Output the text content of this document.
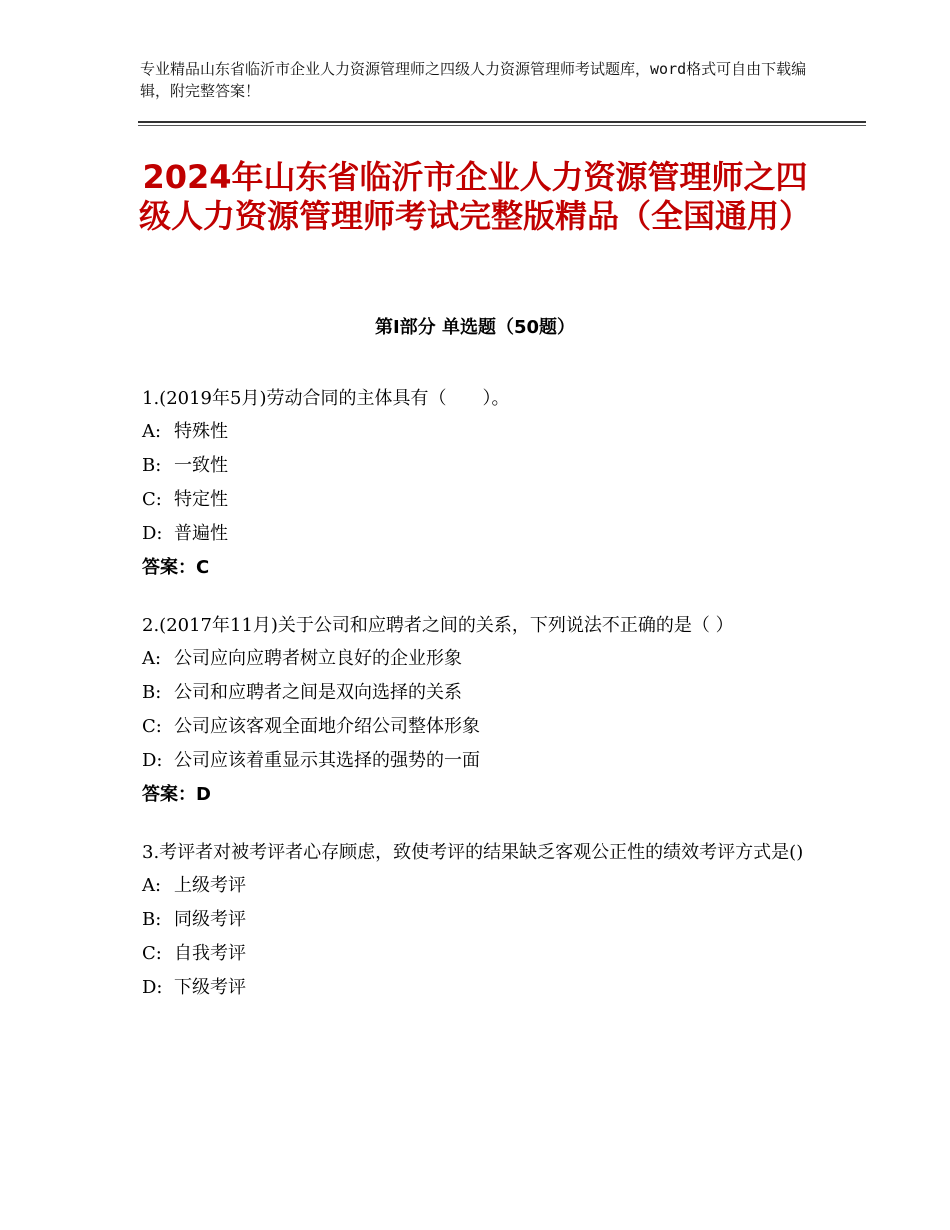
专业精品山东省临沂市企业人力资源管理师之四级人力资源管理师考试题库，word格式可自由下载编辑，附完整答案！
2024年山东省临沂市企业人力资源管理师之四级人力资源管理师考试完整版精品（全国通用）
第Ⅰ部分 单选题（50题）

1.(2019年5月)劳动合同的主体具有（　　）。

A: 特殊性
B: 一致性
C: 特定性
D: 普遍性
答案：C

2.(2017年11月)关于公司和应聘者之间的关系，下列说法不正确的是（ ）

A: 公司应向应聘者树立良好的企业形象
B: 公司和应聘者之间是双向选择的关系
C: 公司应该客观全面地介绍公司整体形象
D: 公司应该着重显示其选择的强势的一面
答案：D

3.考评者对被考评者心存顾虑，致使考评的结果缺乏客观公正性的绩效考评方式是()

A: 上级考评
B: 同级考评
C: 自我考评
D: 下级考评
